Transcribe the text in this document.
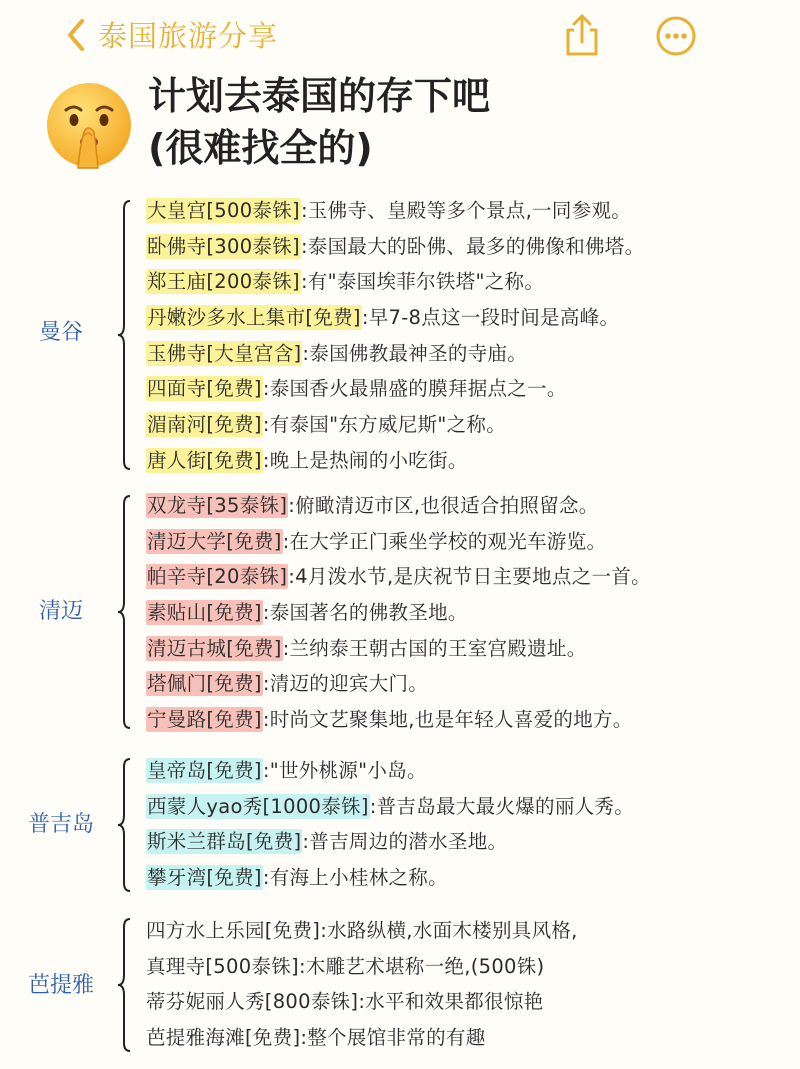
泰国旅游分享
计划去泰国的存下吧
(很难找全的)
曼谷
大皇宫[500泰铢]:玉佛寺、皇殿等多个景点,一同参观。
卧佛寺[300泰铢]:泰国最大的卧佛、最多的佛像和佛塔。
郑王庙[200泰铢]:有"泰国埃菲尔铁塔"之称。
丹嫩沙多水上集市[免费]:早7-8点这一段时间是高峰。
玉佛寺[大皇宫含]:泰国佛教最神圣的寺庙。
四面寺[免费]:泰国香火最鼎盛的膜拜据点之一。
湄南河[免费]:有泰国"东方威尼斯"之称。
唐人街[免费]:晚上是热闹的小吃街。
清迈
双龙寺[35泰铢]:俯瞰清迈市区,也很适合拍照留念。
清迈大学[免费]:在大学正门乘坐学校的观光车游览。
帕辛寺[20泰铢]:4月泼水节,是庆祝节日主要地点之一首。
素贴山[免费]:泰国著名的佛教圣地。
清迈古城[免费]:兰纳泰王朝古国的王室宫殿遗址。
塔佩门[免费]:清迈的迎宾大门。
宁曼路[免费]:时尚文艺聚集地,也是年轻人喜爱的地方。
普吉岛
皇帝岛[免费]:"世外桃源"小岛。
西蒙人yao秀[1000泰铢]:普吉岛最大最火爆的丽人秀。
斯米兰群岛[免费]:普吉周边的潜水圣地。
攀牙湾[免费]:有海上小桂林之称。
芭提雅
四方水上乐园[免费]:水路纵横,水面木楼别具风格,
真理寺[500泰铢]:木雕艺术堪称一绝,(500铢)
蒂芬妮丽人秀[800泰铢]:水平和效果都很惊艳
芭提雅海滩[免费]:整个展馆非常的有趣
